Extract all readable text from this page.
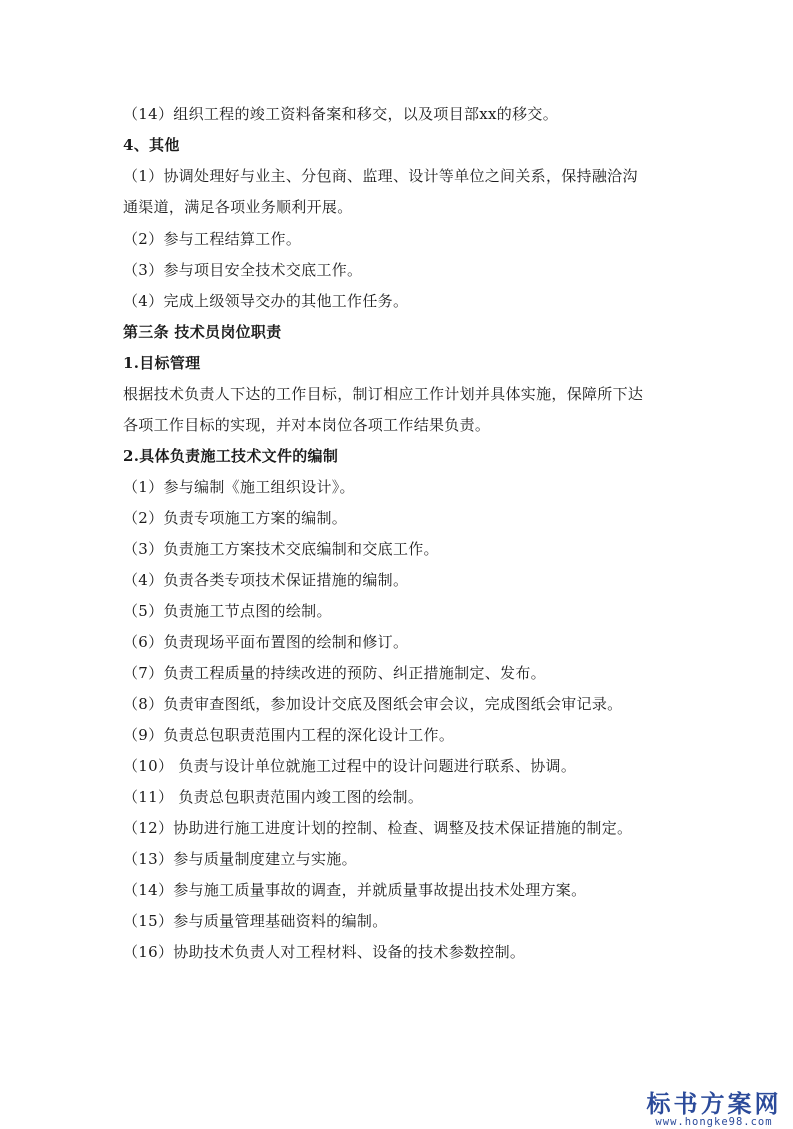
（14）组织工程的竣工资料备案和移交，以及项目部xx的移交。
4、其他
（1）协调处理好与业主、分包商、监理、设计等单位之间关系，保持融洽沟
通渠道，满足各项业务顺利开展。
（2）参与工程结算工作。
（3）参与项目安全技术交底工作。
（4）完成上级领导交办的其他工作任务。
第三条 技术员岗位职责
1.目标管理
根据技术负责人下达的工作目标，制订相应工作计划并具体实施，保障所下达
各项工作目标的实现，并对本岗位各项工作结果负责。
2.具体负责施工技术文件的编制
（1）参与编制《施工组织设计》。
（2）负责专项施工方案的编制。
（3）负责施工方案技术交底编制和交底工作。
（4）负责各类专项技术保证措施的编制。
（5）负责施工节点图的绘制。
（6）负责现场平面布置图的绘制和修订。
（7）负责工程质量的持续改进的预防、纠正措施制定、发布。
（8）负责审查图纸，参加设计交底及图纸会审会议，完成图纸会审记录。
（9）负责总包职责范围内工程的深化设计工作。
（10） 负责与设计单位就施工过程中的设计问题进行联系、协调。
（11） 负责总包职责范围内竣工图的绘制。
（12）协助进行施工进度计划的控制、检查、调整及技术保证措施的制定。
（13）参与质量制度建立与实施。
（14）参与施工质量事故的调查，并就质量事故提出技术处理方案。
（15）参与质量管理基础资料的编制。
（16）协助技术负责人对工程材料、设备的技术参数控制。
标书方案网
www.hongke98.com
